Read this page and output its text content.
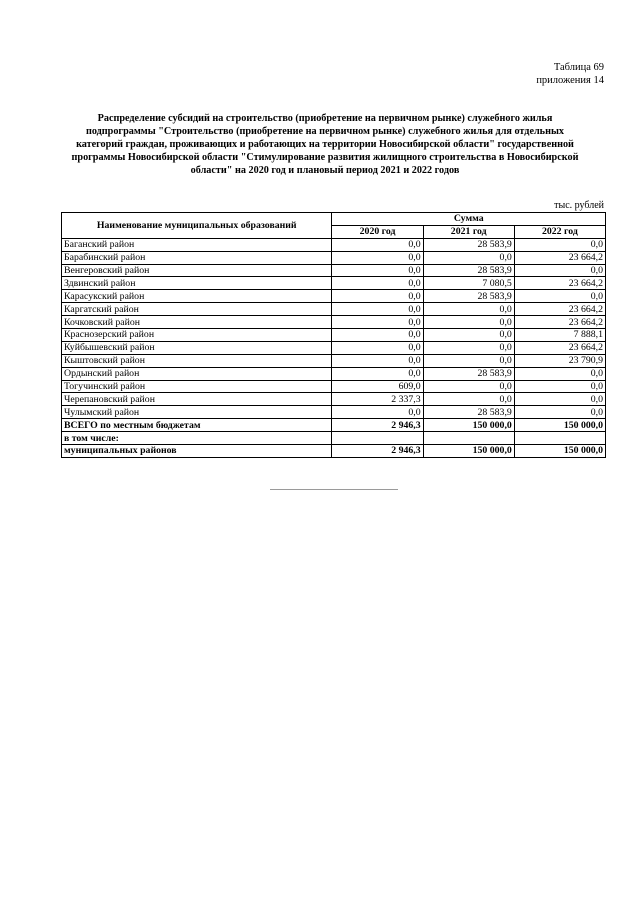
Таблица 69
приложения 14
Распределение субсидий на строительство (приобретение на первичном рынке) служебного жилья подпрограммы "Строительство (приобретение на первичном рынке) служебного жилья для отдельных категорий граждан, проживающих и работающих на территории Новосибирской области" государственной программы Новосибирской области "Стимулирование развития жилищного строительства в Новосибирской области" на 2020 год и плановый период 2021 и 2022 годов
тыс. рублей
Наименование муниципальных образований	Сумма		
	2020 год	2021 год	2022 год
Баганский район	0,0	28 583,9	0,0
Барабинский район	0,0	0,0	23 664,2
Венгеровский район	0,0	28 583,9	0,0
Здвинский район	0,0	7 080,5	23 664,2
Карасукский район	0,0	28 583,9	0,0
Каргатский район	0,0	0,0	23 664,2
Кочковский район	0,0	0,0	23 664,2
Краснозерский район	0,0	0,0	7 888,1
Куйбышевский район	0,0	0,0	23 664,2
Кыштовский район	0,0	0,0	23 790,9
Ордынский район	0,0	28 583,9	0,0
Тогучинский район	609,0	0,0	0,0
Черепановский район	2 337,3	0,0	0,0
Чулымский район	0,0	28 583,9	0,0
ВСЕГО по местным бюджетам	2 946,3	150 000,0	150 000,0
в том числе:			
муниципальных районов	2 946,3	150 000,0	150 000,0
